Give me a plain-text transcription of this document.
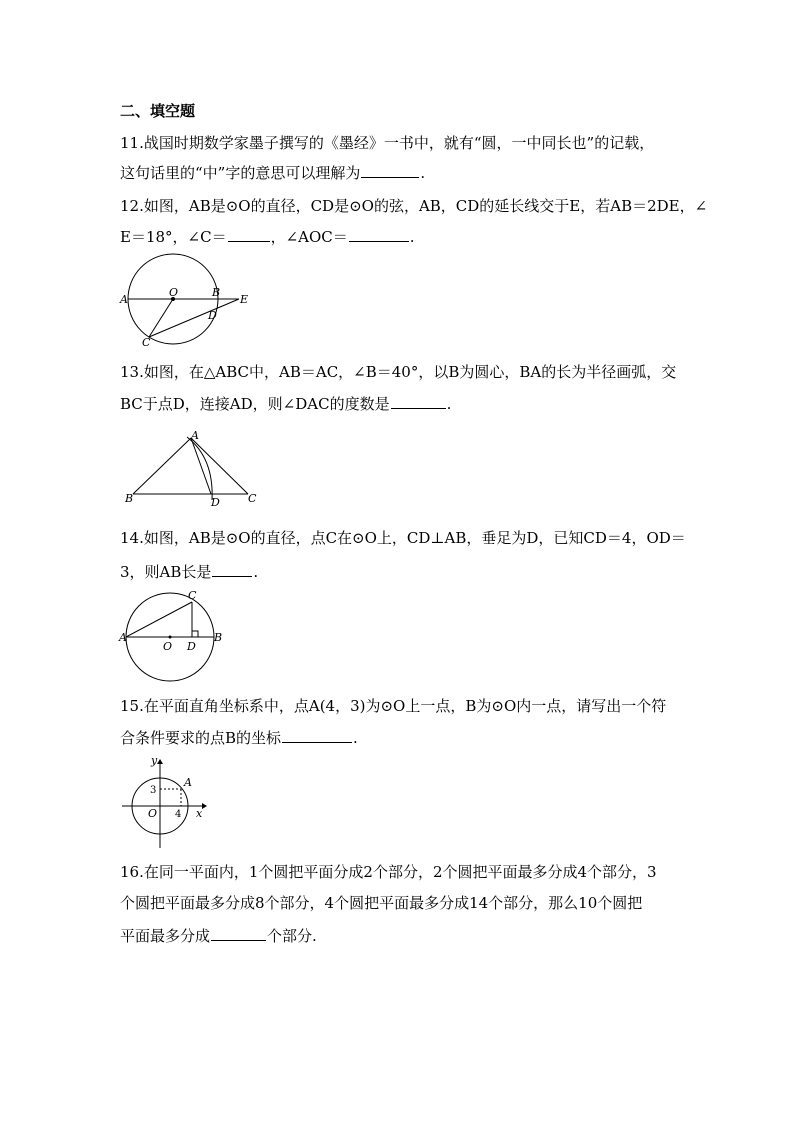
二、填空题
11.战国时期数学家墨子撰写的《墨经》一书中，就有“圆，一中同长也”的记载，
这句话里的“中”字的意思可以理解为	.
12.如图，AB是⊙O的直径，CD是⊙O的弦，AB，CD的延长线交于E，若AB＝2DE，∠
E＝18°，∠C＝	，∠AOC＝	.
A
O	B
E
D
C
13.如图，在△ABC中，AB＝AC，∠B＝40°，以B为圆心，BA的长为半径画弧，交
BC于点D，连接AD，则∠DAC的度数是	.
A
B	D	C
14.如图，AB是⊙O的直径，点C在⊙O上，CD⊥AB，垂足为D，已知CD＝4，OD＝
3，则AB长是	.
A	B
C
D
O
15.在平面直角坐标系中，点A(4，3)为⊙O上一点，B为⊙O内一点，请写出一个符
合条件要求的点B的坐标	.
y
x
A
O
3
4
16.在同一平面内，1个圆把平面分成2个部分，2个圆把平面最多分成4个部分，3
个圆把平面最多分成8个部分，4个圆把平面最多分成14个部分，那么10个圆把
平面最多分成	个部分.
